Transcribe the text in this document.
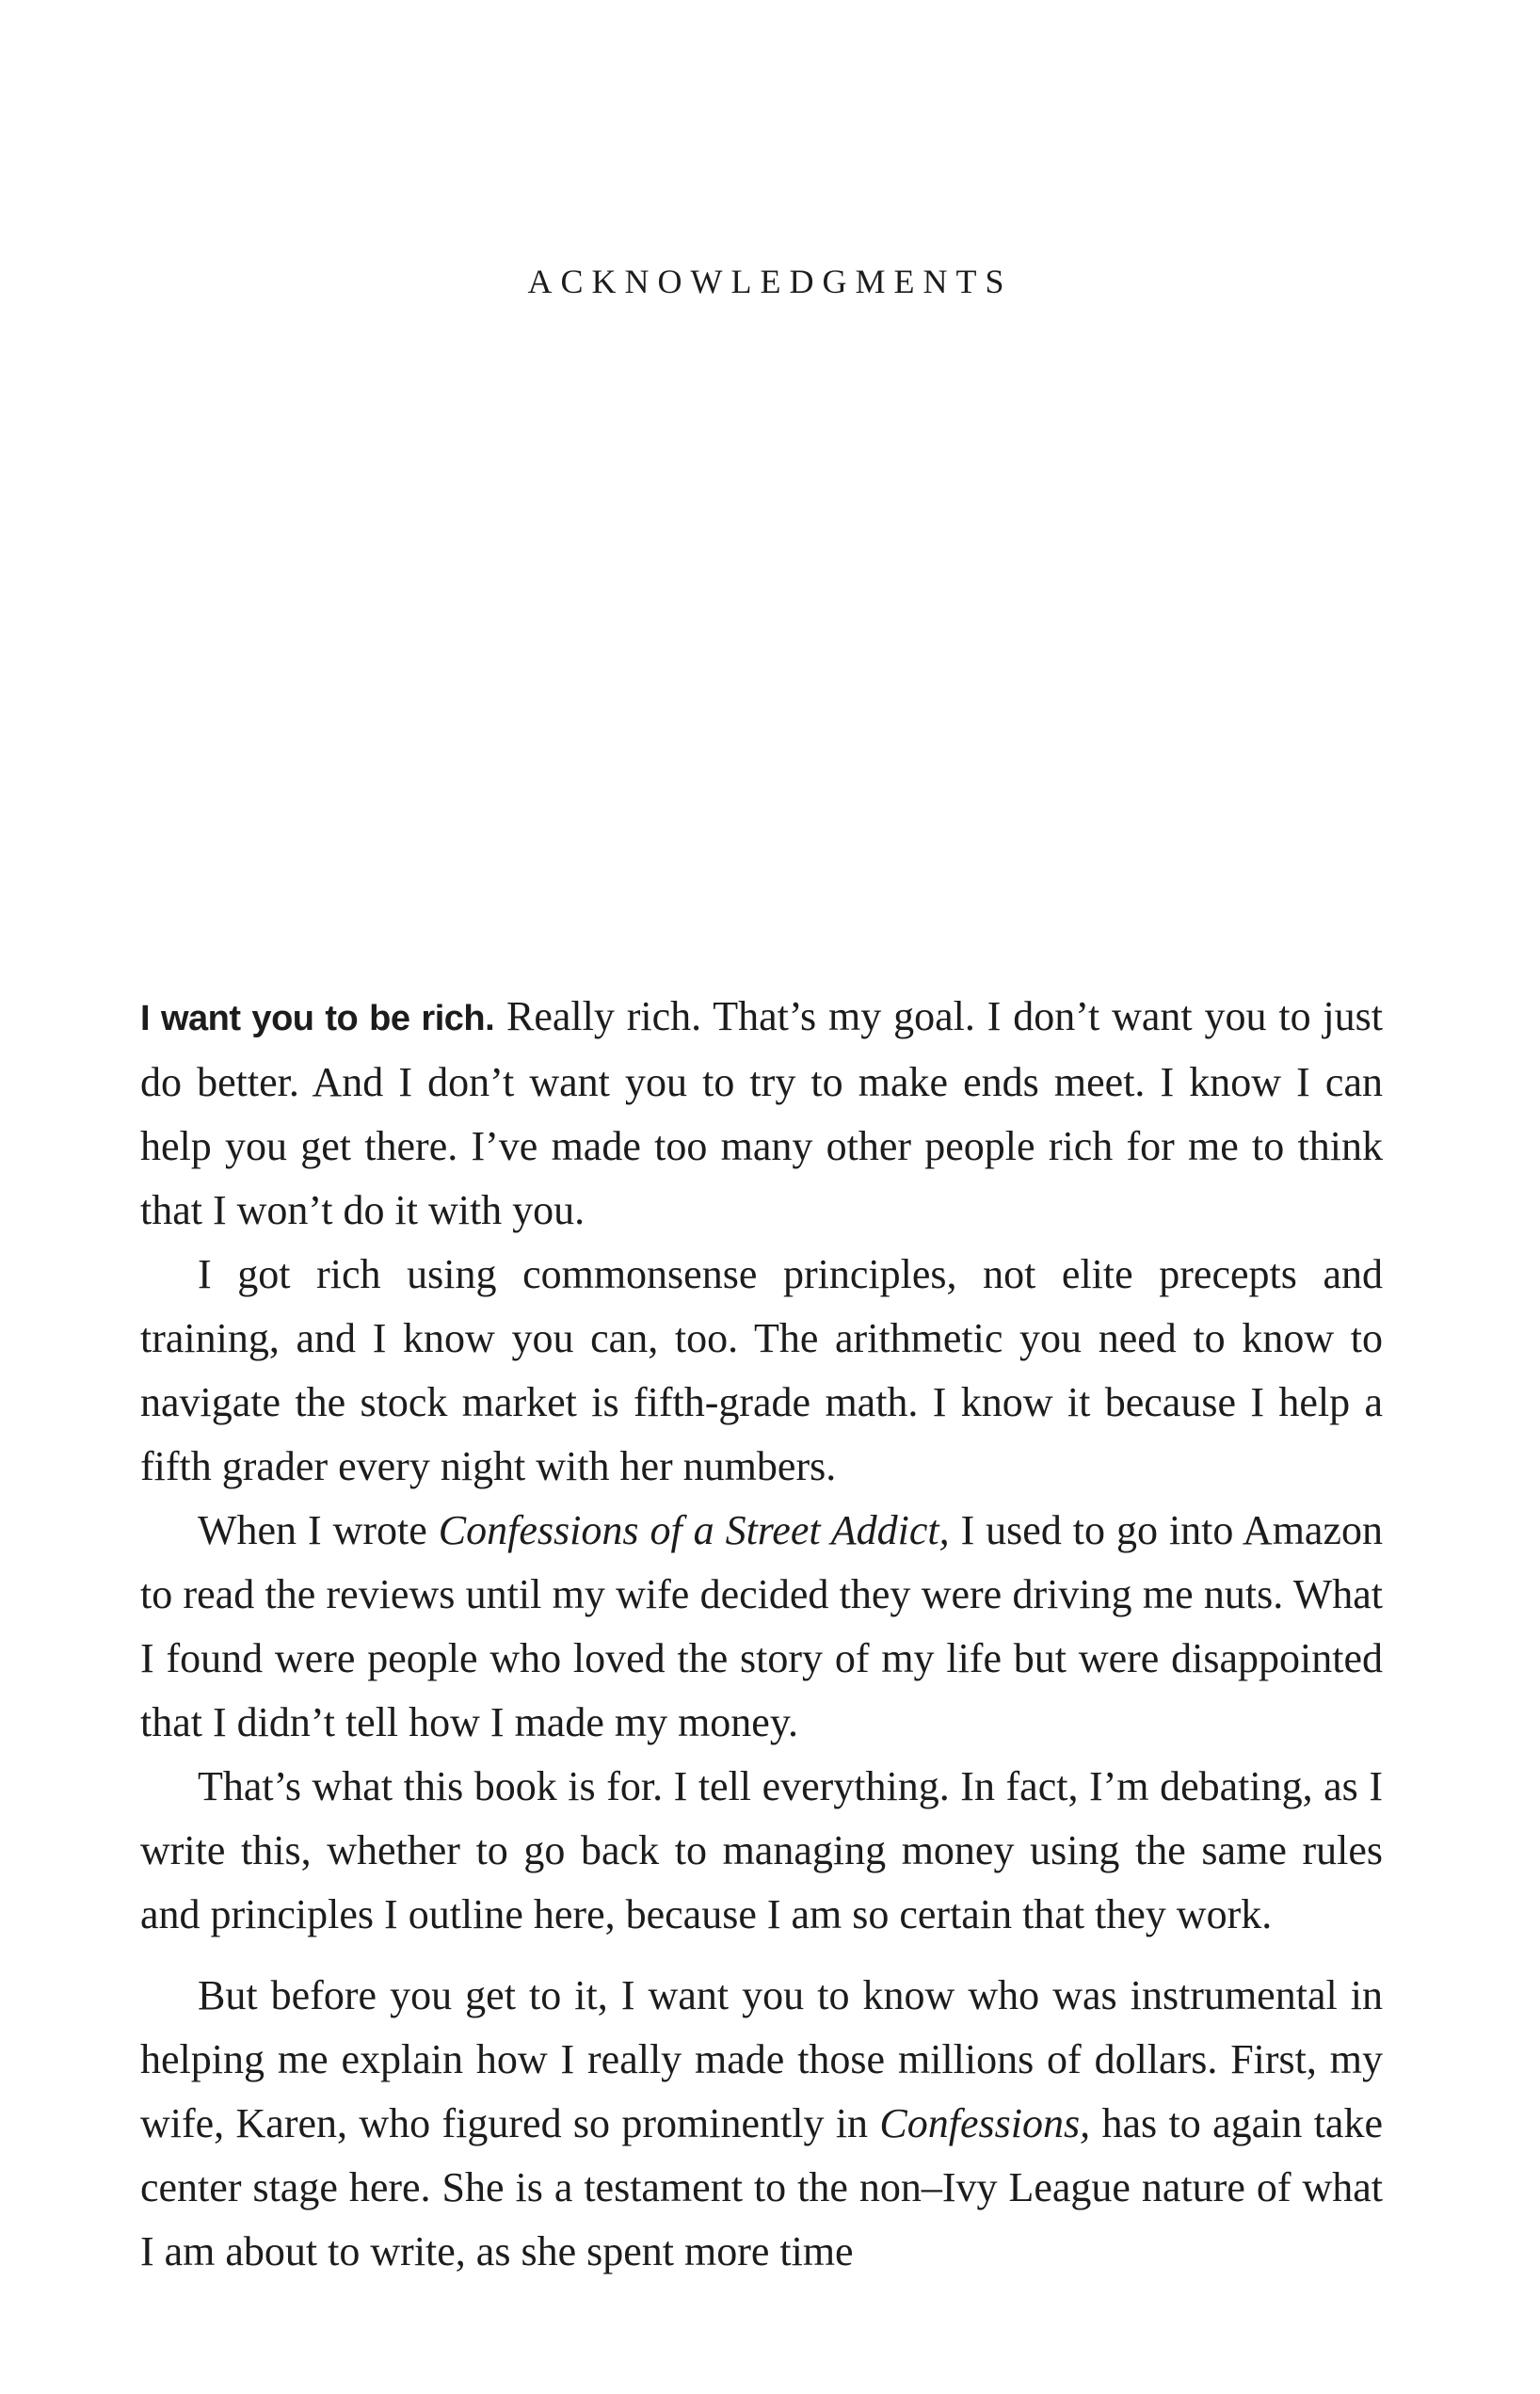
ACKNOWLEDGMENTS

I want you to be rich. Really rich. That’s my goal. I don’t want you to just do better. And I don’t want you to try to make ends meet. I know I can help you get there. I’ve made too many other people rich for me to think that I won’t do it with you.

I got rich using commonsense principles, not elite precepts and training, and I know you can, too. The arithmetic you need to know to navigate the stock market is fifth-grade math. I know it because I help a fifth grader every night with her numbers.

When I wrote Confessions of a Street Addict, I used to go into Amazon to read the reviews until my wife decided they were driving me nuts. What I found were people who loved the story of my life but were disappointed that I didn’t tell how I made my money.

That’s what this book is for. I tell everything. In fact, I’m debating, as I write this, whether to go back to managing money using the same rules and principles I outline here, because I am so certain that they work.

But before you get to it, I want you to know who was instrumental in helping me explain how I really made those millions of dollars. First, my wife, Karen, who figured so prominently in Confessions, has to again take center stage here. She is a testament to the non–Ivy League nature of what I am about to write, as she spent more time
